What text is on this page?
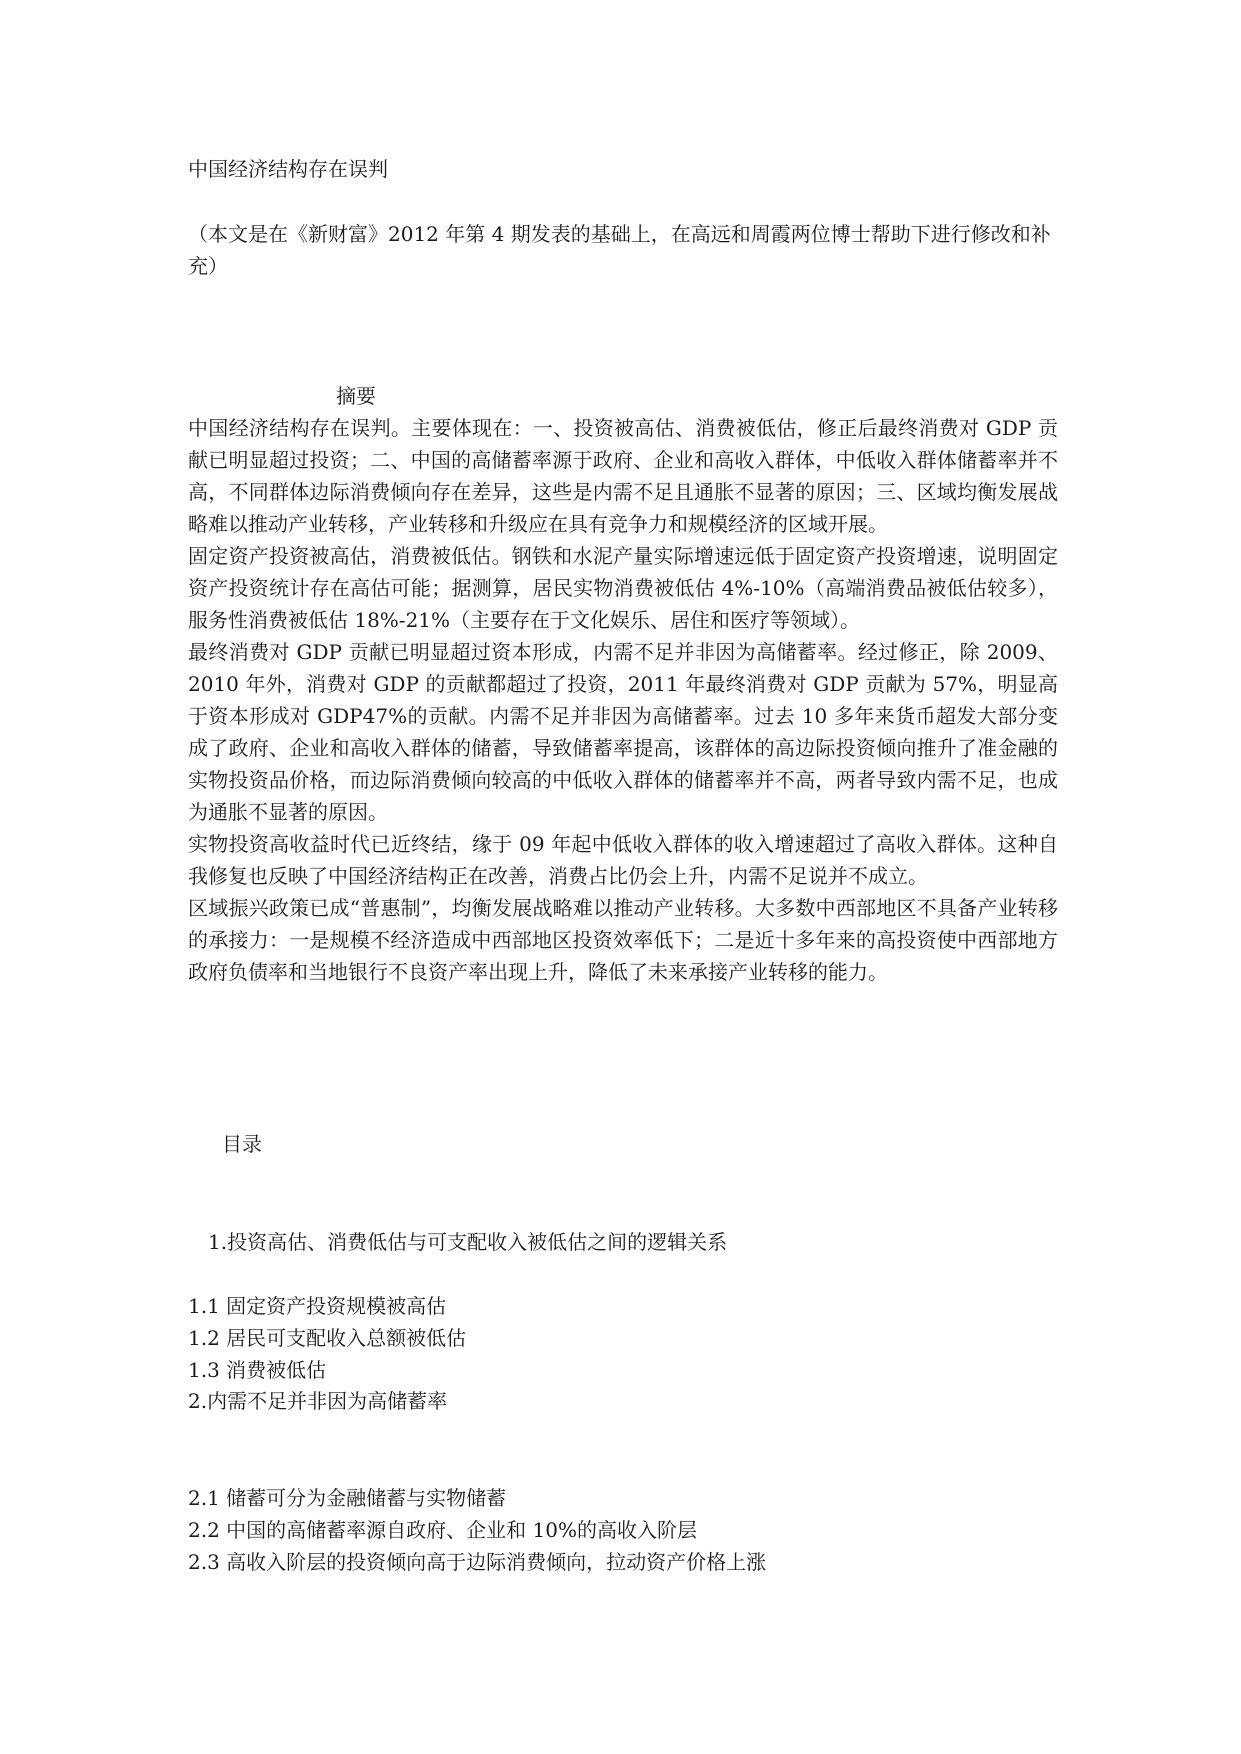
中国经济结构存在误判
（本文是在《新财富》2012 年第 4 期发表的基础上，在高远和周霞两位博士帮助下进行修改和补充）
摘要

中国经济结构存在误判。主要体现在：一、投资被高估、消费被低估，修正后最终消费对 GDP 贡献已明显超过投资；二、中国的高储蓄率源于政府、企业和高收入群体，中低收入群体储蓄率并不高，不同群体边际消费倾向存在差异，这些是内需不足且通胀不显著的原因；三、区域均衡发展战略难以推动产业转移，产业转移和升级应在具有竞争力和规模经济的区域开展。

固定资产投资被高估，消费被低估。钢铁和水泥产量实际增速远低于固定资产投资增速，说明固定资产投资统计存在高估可能；据测算，居民实物消费被低估 4%-10%（高端消费品被低估较多），服务性消费被低估 18%-21%（主要存在于文化娱乐、居住和医疗等领域）。

最终消费对 GDP 贡献已明显超过资本形成，内需不足并非因为高储蓄率。经过修正，除 2009、2010 年外，消费对 GDP 的贡献都超过了投资，2011 年最终消费对 GDP 贡献为 57%，明显高于资本形成对 GDP47%的贡献。内需不足并非因为高储蓄率。过去 10 多年来货币超发大部分变成了政府、企业和高收入群体的储蓄，导致储蓄率提高，该群体的高边际投资倾向推升了准金融的实物投资品价格，而边际消费倾向较高的中低收入群体的储蓄率并不高，两者导致内需不足，也成为通胀不显著的原因。

实物投资高收益时代已近终结，缘于 09 年起中低收入群体的收入增速超过了高收入群体。这种自我修复也反映了中国经济结构正在改善，消费占比仍会上升，内需不足说并不成立。

区域振兴政策已成“普惠制”，均衡发展战略难以推动产业转移。大多数中西部地区不具备产业转移的承接力：一是规模不经济造成中西部地区投资效率低下；二是近十多年来的高投资使中西部地方政府负债率和当地银行不良资产率出现上升，降低了未来承接产业转移的能力。

目录
1.投资高估、消费低估与可支配收入被低估之间的逻辑关系
1.1 固定资产投资规模被高估
1.2 居民可支配收入总额被低估
1.3 消费被低估
2.内需不足并非因为高储蓄率
2.1 储蓄可分为金融储蓄与实物储蓄
2.2 中国的高储蓄率源自政府、企业和 10%的高收入阶层
2.3 高收入阶层的投资倾向高于边际消费倾向，拉动资产价格上涨
